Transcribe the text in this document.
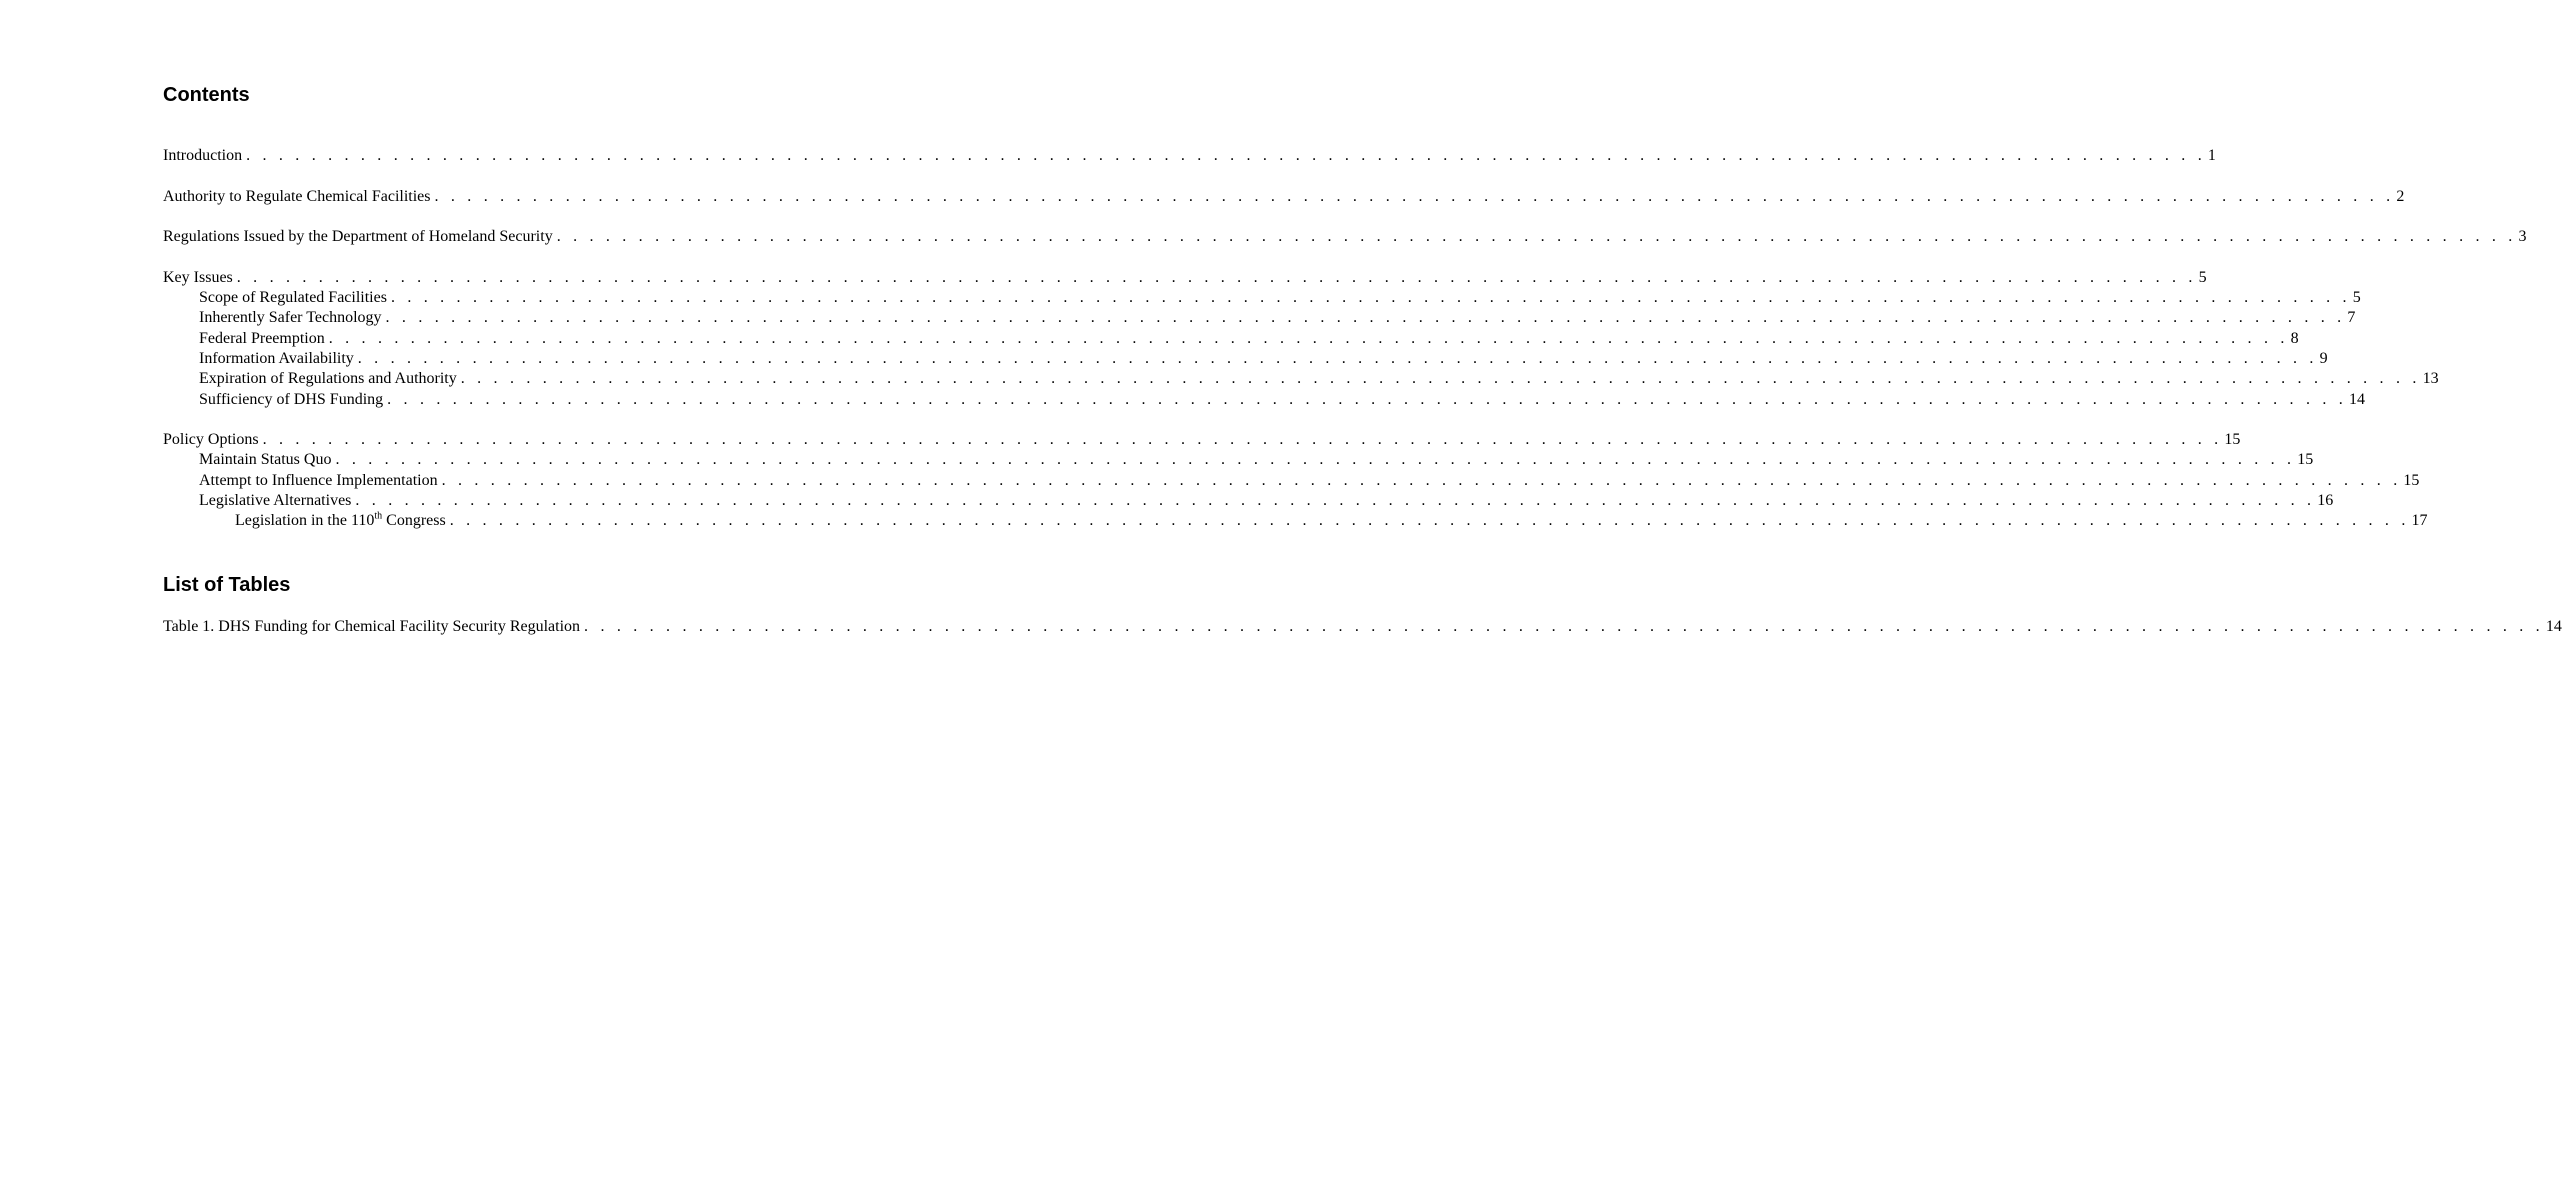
Contents
Introduction . . . . . . . . . . . . . . . . . . . . . . . . . . . . . . . . . . . . . . . . . . . . . . . . . . . . . . . . . . . . . . . . . . . . . . . . . . . . . . . . . . . . . . . . . . . . . . . . . . . . . . . . . . . . . . . . . . . . . . . . 1
Authority to Regulate Chemical Facilities . . . . . . . . . . . . . . . . . . . . . . . . . . . . . . . . . . . . . . . . . . . . . . . . . . . . . . . . . . . . . . . . . . . . . . . . . . . . . . . . . . . . . . . . . . . . . . . . . . . . . . . . . . . . . . . . . . . . . . . . 2
Regulations Issued by the Department of Homeland Security . . . . . . . . . . . . . . . . . . . . . . . . . . . . . . . . . . . . . . . . . . . . . . . . . . . . . . . . . . . . . . . . . . . . . . . . . . . . . . . . . . . . . . . . . . . . . . . . . . . . . . . . . . . . . . . . . . . . . . . . 3
Key Issues . . . . . . . . . . . . . . . . . . . . . . . . . . . . . . . . . . . . . . . . . . . . . . . . . . . . . . . . . . . . . . . . . . . . . . . . . . . . . . . . . . . . . . . . . . . . . . . . . . . . . . . . . . . . . . . . . . . . . . . . 5
Scope of Regulated Facilities . . . . . . . . . . . . . . . . . . . . . . . . . . . . . . . . . . . . . . . . . . . . . . . . . . . . . . . . . . . . . . . . . . . . . . . . . . . . . . . . . . . . . . . . . . . . . . . . . . . . . . . . . . . . . . . . . . . . . . . . 5
Inherently Safer Technology . . . . . . . . . . . . . . . . . . . . . . . . . . . . . . . . . . . . . . . . . . . . . . . . . . . . . . . . . . . . . . . . . . . . . . . . . . . . . . . . . . . . . . . . . . . . . . . . . . . . . . . . . . . . . . . . . . . . . . . . 7
Federal Preemption . . . . . . . . . . . . . . . . . . . . . . . . . . . . . . . . . . . . . . . . . . . . . . . . . . . . . . . . . . . . . . . . . . . . . . . . . . . . . . . . . . . . . . . . . . . . . . . . . . . . . . . . . . . . . . . . . . . . . . . . 8
Information Availability . . . . . . . . . . . . . . . . . . . . . . . . . . . . . . . . . . . . . . . . . . . . . . . . . . . . . . . . . . . . . . . . . . . . . . . . . . . . . . . . . . . . . . . . . . . . . . . . . . . . . . . . . . . . . . . . . . . . . . . . 9
Expiration of Regulations and Authority . . . . . . . . . . . . . . . . . . . . . . . . . . . . . . . . . . . . . . . . . . . . . . . . . . . . . . . . . . . . . . . . . . . . . . . . . . . . . . . . . . . . . . . . . . . . . . . . . . . . . . . . . . . . . . . . . . . . . . . . 13
Sufficiency of DHS Funding . . . . . . . . . . . . . . . . . . . . . . . . . . . . . . . . . . . . . . . . . . . . . . . . . . . . . . . . . . . . . . . . . . . . . . . . . . . . . . . . . . . . . . . . . . . . . . . . . . . . . . . . . . . . . . . . . . . . . . . . 14
Policy Options . . . . . . . . . . . . . . . . . . . . . . . . . . . . . . . . . . . . . . . . . . . . . . . . . . . . . . . . . . . . . . . . . . . . . . . . . . . . . . . . . . . . . . . . . . . . . . . . . . . . . . . . . . . . . . . . . . . . . . . . 15
Maintain Status Quo . . . . . . . . . . . . . . . . . . . . . . . . . . . . . . . . . . . . . . . . . . . . . . . . . . . . . . . . . . . . . . . . . . . . . . . . . . . . . . . . . . . . . . . . . . . . . . . . . . . . . . . . . . . . . . . . . . . . . . . . 15
Attempt to Influence Implementation . . . . . . . . . . . . . . . . . . . . . . . . . . . . . . . . . . . . . . . . . . . . . . . . . . . . . . . . . . . . . . . . . . . . . . . . . . . . . . . . . . . . . . . . . . . . . . . . . . . . . . . . . . . . . . . . . . . . . . . . 15
Legislative Alternatives . . . . . . . . . . . . . . . . . . . . . . . . . . . . . . . . . . . . . . . . . . . . . . . . . . . . . . . . . . . . . . . . . . . . . . . . . . . . . . . . . . . . . . . . . . . . . . . . . . . . . . . . . . . . . . . . . . . . . . . . 16
Legislation in the 110th Congress . . . . . . . . . . . . . . . . . . . . . . . . . . . . . . . . . . . . . . . . . . . . . . . . . . . . . . . . . . . . . . . . . . . . . . . . . . . . . . . . . . . . . . . . . . . . . . . . . . . . . . . . . . . . . . . . . . . . . . . . 17
List of Tables
Table 1. DHS Funding for Chemical Facility Security Regulation . . . . . . . . . . . . . . . . . . . . . . . . . . . . . . . . . . . . . . . . . . . . . . . . . . . . . . . . . . . . . . . . . . . . . . . . . . . . . . . . . . . . . . . . . . . . . . . . . . . . . . . . . . . . . . . . . . . . . . . . 14
